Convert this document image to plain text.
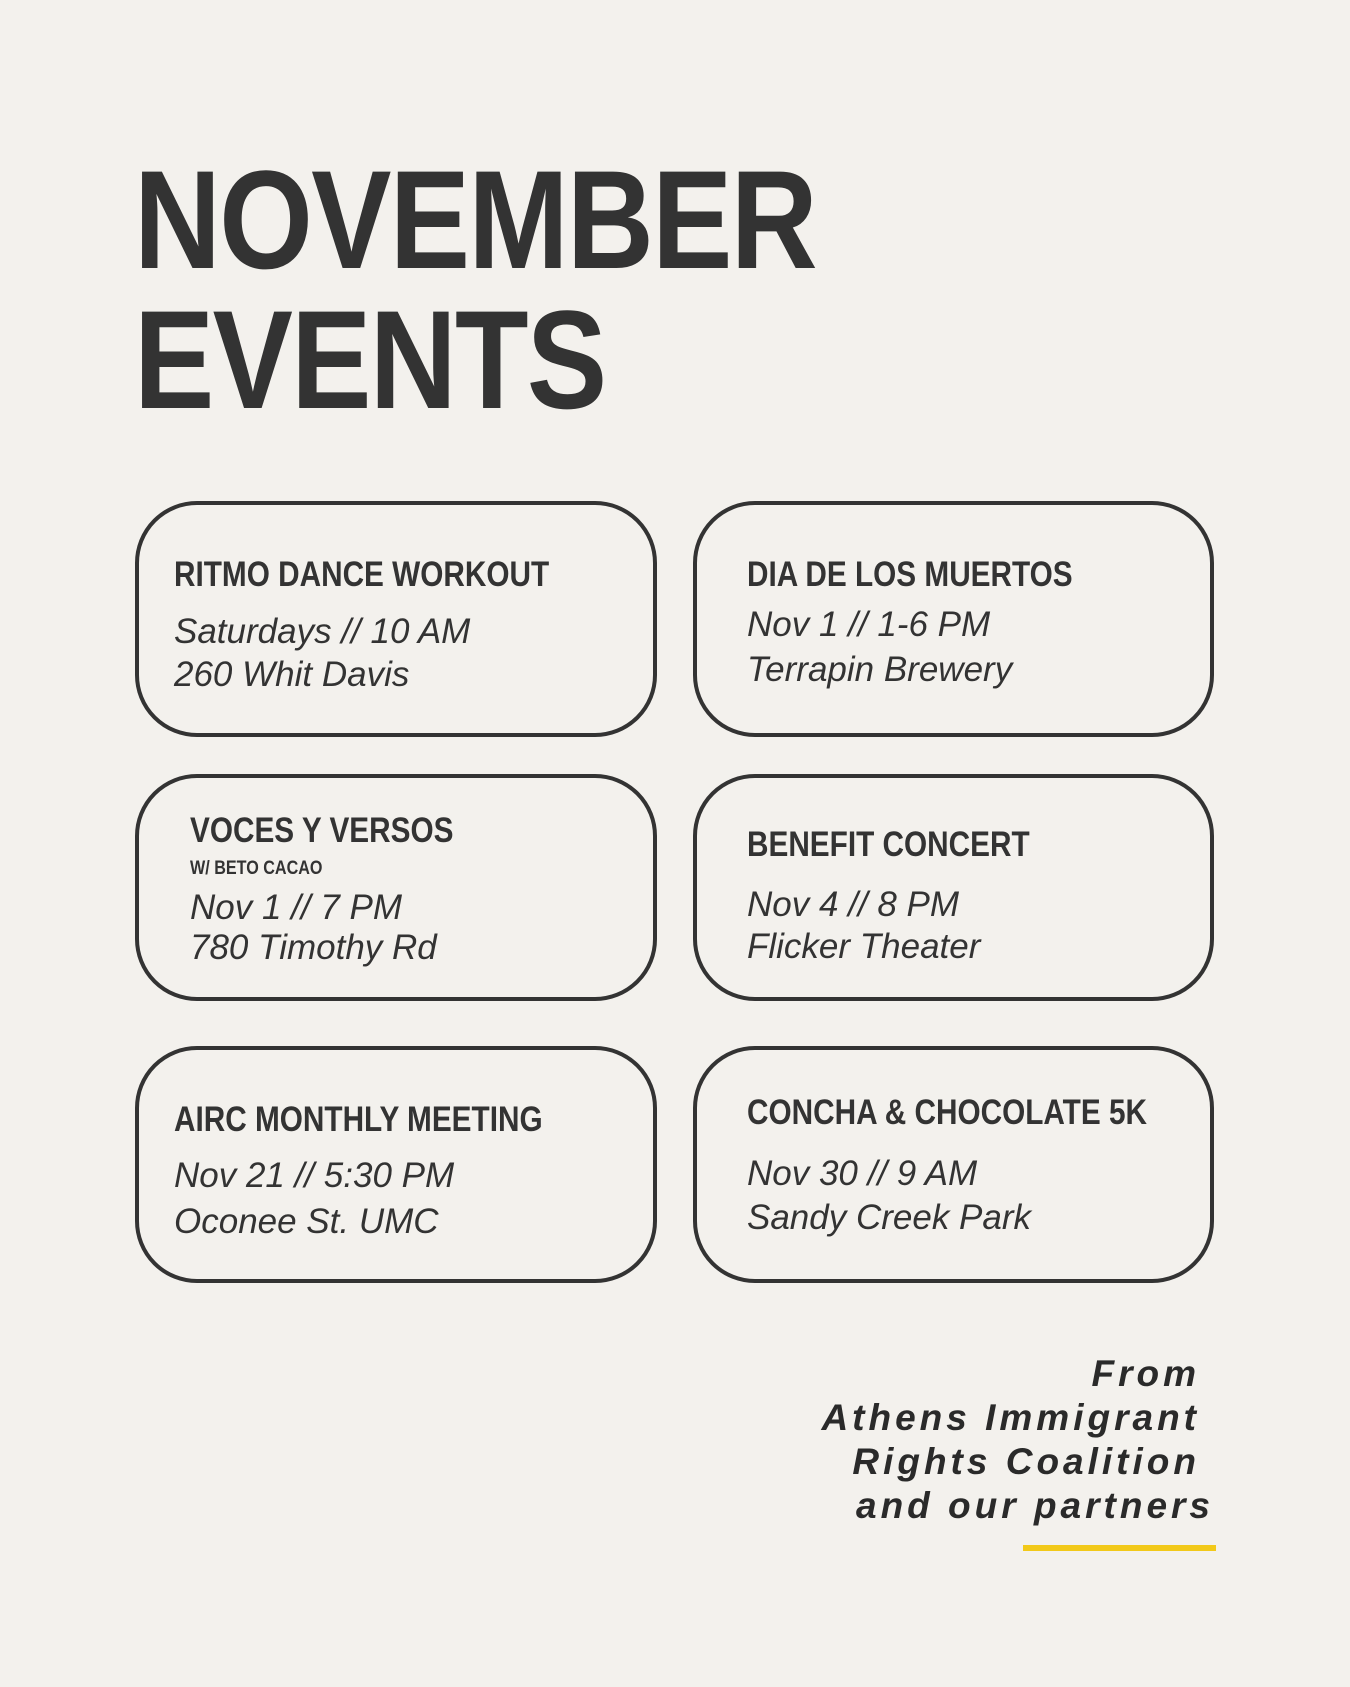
NOVEMBER
EVENTS
RITMO DANCE WORKOUT
Saturdays // 10 AM
260 Whit Davis
DIA DE LOS MUERTOS
Nov 1 // 1-6 PM
Terrapin Brewery
VOCES Y VERSOS
W/ BETO CACAO
Nov 1 // 7 PM
780 Timothy Rd
BENEFIT CONCERT
Nov 4 // 8 PM
Flicker Theater
AIRC MONTHLY MEETING
Nov 21 // 5:30 PM
Oconee St. UMC
CONCHA & CHOCOLATE 5K
Nov 30 // 9 AM
Sandy Creek Park
From
Athens Immigrant
Rights Coalition
and our partners
